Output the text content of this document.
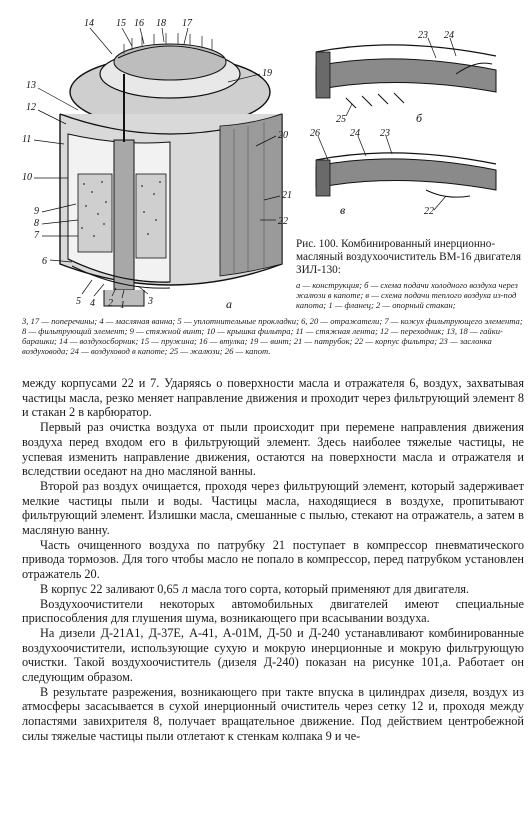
14 15 16 18 17
19
20
21
22
13
12
11
10
9
8
7
6
5 4 2 1 3	а
23 24
25	б
26	24 23
22
в

Рис. 100. Комбинированный инерционно-масляный воздухоочиститель ВМ-16 двигателя ЗИЛ-130:

а — конструкция; б — схема подачи холодного воздуха через жалюзи в капоте; в — схема подачи теплого воздуха из-под капота; 1 — фланец; 2 — опорный стакан;

3, 17 — поперечины; 4 — масляная ванна; 5 — уплотнительные прокладки; 6, 20 — отражатели; 7 — кожух фильтрующего элемента; 8 — фильтрующий элемент; 9 — стяжной винт; 10 — крышка фильтра; 11 — стяжная лента; 12 — переходник; 13, 18 — гайки-барашки; 14 — воздухосборник; 15 — пружина; 16 — втулка; 19 — винт; 21 — патрубок; 22 — корпус фильтра; 23 — заслонка воздуховода; 24 — воздуховод в капоте; 25 — жалюзи; 26 — капот.

между корпусами 22 и 7. Ударяясь о поверхности масла и отражателя 6, воздух, захватывая частицы масла, резко меняет направление движения и проходит через фильтрующий элемент 8 и стакан 2 в карбюратор.

Первый раз очистка воздуха от пыли происходит при перемене направления движения воздуха перед входом его в фильтрующий элемент. Здесь наиболее тяжелые частицы, не успевая изменить направление движения, остаются на поверхности масла и отражателя и вследствии оседают на дно масляной ванны.

Второй раз воздух очищается, проходя через фильтрующий элемент, который задерживает мелкие частицы пыли и воды. Частицы масла, находящиеся в воздухе, пропитывают фильтрующий элемент. Излишки масла, смешанные с пылью, стекают на отражатель, а затем в масляную ванну.

Часть очищенного воздуха по патрубку 21 поступает в компрессор пневматического привода тормозов. Для того чтобы масло не попало в компрессор, перед патрубком установлен отражатель 20.

В корпус 22 заливают 0,65 л масла того сорта, который применяют для двигателя.

Воздухоочистители некоторых автомобильных двигателей имеют специальные приспособления для глушения шума, возникающего при всасывании воздуха.

На дизели Д-21А1, Д-37Е, А-41, А-01М, Д-50 и Д-240 устанавливают комбинированные воздухоочистители, использующие сухую и мокрую инерционные и мокрую фильтрующую очистки. Такой воздухоочиститель (дизеля Д-240) показан на рисунке 101,а. Работает он следующим образом.

В результате разрежения, возникающего при такте впуска в цилиндрах дизеля, воздух из атмосферы засасывается в сухой инерционный очиститель через сетку 12 и, проходя между лопастями завихрителя 8, получает вращательное движение. Под действием центробежной силы тяжелые частицы пыли отлетают к стенкам колпака 9 и че-
